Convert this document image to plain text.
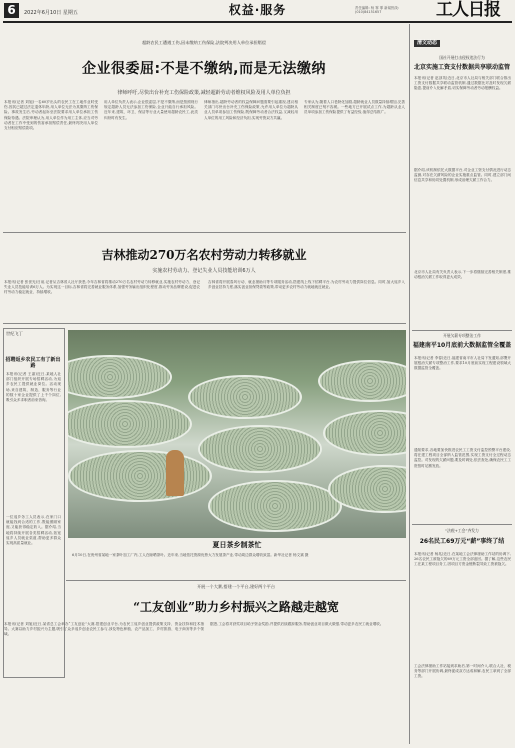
6	2022年6月10日 星期五	权益·服务	责任编辑: 杨 霏 霏 新闻热线: (010)84151657	工人日报
超龄农民工遭遇工伤,因未缴纳工伤保险,法院判决用人单位承担赔偿
企业很委屈:不是不缴纳,而是无法缴纳
律师呼吁,尽快出台补充工伤保险政策,减轻超龄劳动者维权风险及用人单位负担
本报讯(记者 刘旭)一名60岁出头的农民工在工地作业时受伤,因其已超过法定退休年龄,用人单位无法为其缴纳工伤保险。事故发生后,劳动者起诉至法院要求用人单位承担工伤保险待遇。法院审理认为,用人单位作为用工主体,应当对劳动者在工作中受到的伤害承担赔偿责任,最终判决用人单位支付相应赔偿款项。
用人单位负责人表示,企业很委屈,不是不缴纳,而是按照现行规定超龄人员无法参加工伤保险,企业只能自行承担风险。近年来,建筑、环卫、保洁等行业大量使用超龄农民工,此类纠纷时有发生。
律师指出,超龄劳动者的权益保障问题需要引起重视,建议相关部门尽快出台补充工伤保险政策,允许用人单位为超龄从业人员单项参加工伤保险,既保障劳动者合法权益,又减轻用人单位的用工风险和经济负担,实现劳资双方共赢。
专家认为,随着人口老龄化加剧,超龄就业人员数量持续增加,完善相关制度已刻不容缓。一些地方已开展试点工作,为超龄从业人员单项参加工伤保险提供了有益经验,值得总结推广。
吉林推动270万名农村劳动力转移就业
实施农村劳动力、登记失业人员技能培训6万人
本报讯(记者 张世光)日前,记者从吉林省人社厅获悉,今年吉林省将推动270万名农村劳动力转移就业,实施农村劳动力、登记失业人员技能培训6万人。为实现这一目标,吉林省将完善就业服务体系,加强劳务输出组织化程度,推动劳务品牌建设,促进农村劳动力稳定就业、持续增收。
吉林省将开展春风行动、就业援助月等专项服务活动,搭建线上线下招聘平台,为农村劳动力提供岗位信息。同时,加大返乡入乡创业扶持力度,落实创业担保贷款等政策,带动更多农村劳动力就地就近就业。
世纪飞丁
招聘返乡农民工有了新出路
本报讯(记者 王嘉)近日,某地人社部门组织开展专场招聘活动,为返乡农民工提供就业岗位。活动现场,来自建筑、制造、服务等行业的数十家企业提供了上千个岗位,吸引众多求职者前来咨询。
一位返乡务工人员表示,在家门口就能找到合适的工作,既能照顾家庭,又能获得稳定收入。据介绍,当地将持续开展各类招聘活动,拓宽返乡人员就业渠道,帮助更多群众实现高质量就业。	夏日茶乡制茶忙
6月10日,在贵州省某地一家茶叶加工厂内,工人在晾晒茶叶。近年来,当地依托资源优势大力发展茶产业,带动周边群众增收致富。新华社记者 杨文斌 摄
开展一个大赛,搭建一个平台,建好两个平台
“工友创业”助力乡村振兴之路越走越宽
本报讯(记者 刘旭)近日,某省总工会举办“工友创业”大赛,搭建创业平台,为农民工返乡创业提供政策支持、资金扶持和技术指导。大赛以助力乡村振兴为主题,吸引了众多返乡创业农民工参与,涉及特色种植、农产品加工、乡村旅游、电子商务等多个领域。
据悉,工会将对获奖项目给予资金奖励,并提供后续跟踪服务,帮助创业项目做大做强,带动更多农民工就业增收。
清文动态
国社开展打击侵权违法行为
北京实施工资支付数据共享联动监管
本报讯(记者 赵剑英)近日,北京市人社局与相关部门联合推出工资支付数据共享联动监管机制,通过数据比对及时发现欠薪隐患,提前介入化解矛盾,切实保障劳动者劳动报酬权益。
据介绍,该机制依托大数据平台,对企业工资支付情况进行动态监测,对存在欠薪风险的企业实施重点监管。同时,建立部门间信息共享和协同处置机制,形成治理欠薪工作合力。
北京市人社局有关负责人表示,下一步将继续完善相关制度,推动根治欠薪工作取得更大成效。
开展欠薪专项整治工作
福建南平10月底前大数据监管全覆盖
本报讯(记者 李春)近日,福建省南平市人社局下发通知,部署开展根治欠薪专项整治工作,要求10月底前实现工程建设领域大数据监管全覆盖。
通知要求,各地要加快推进农民工工资支付监控预警平台建设,将在建工程项目全部纳入监管范围,实现工资支付全过程动态监控。对发现的欠薪问题,要及时调处,依法查处,确保农民工工资按时足额发放。
“法税+工会”齐发力
26名民工69万元“薪”事终了结
本报讯(记者 杨兆)近日,在某地工会法律援助工作站的协调下,26名农民工被拖欠的69万元工资全部追回。据了解,这些农民工在某工程项目务工,因项目方资金链断裂导致工资被拖欠。
工会法律援助工作站接到求助后,第一时间介入,联合人社、税务等部门开展协调,最终促成双方达成和解,农民工拿到了全部工资。
